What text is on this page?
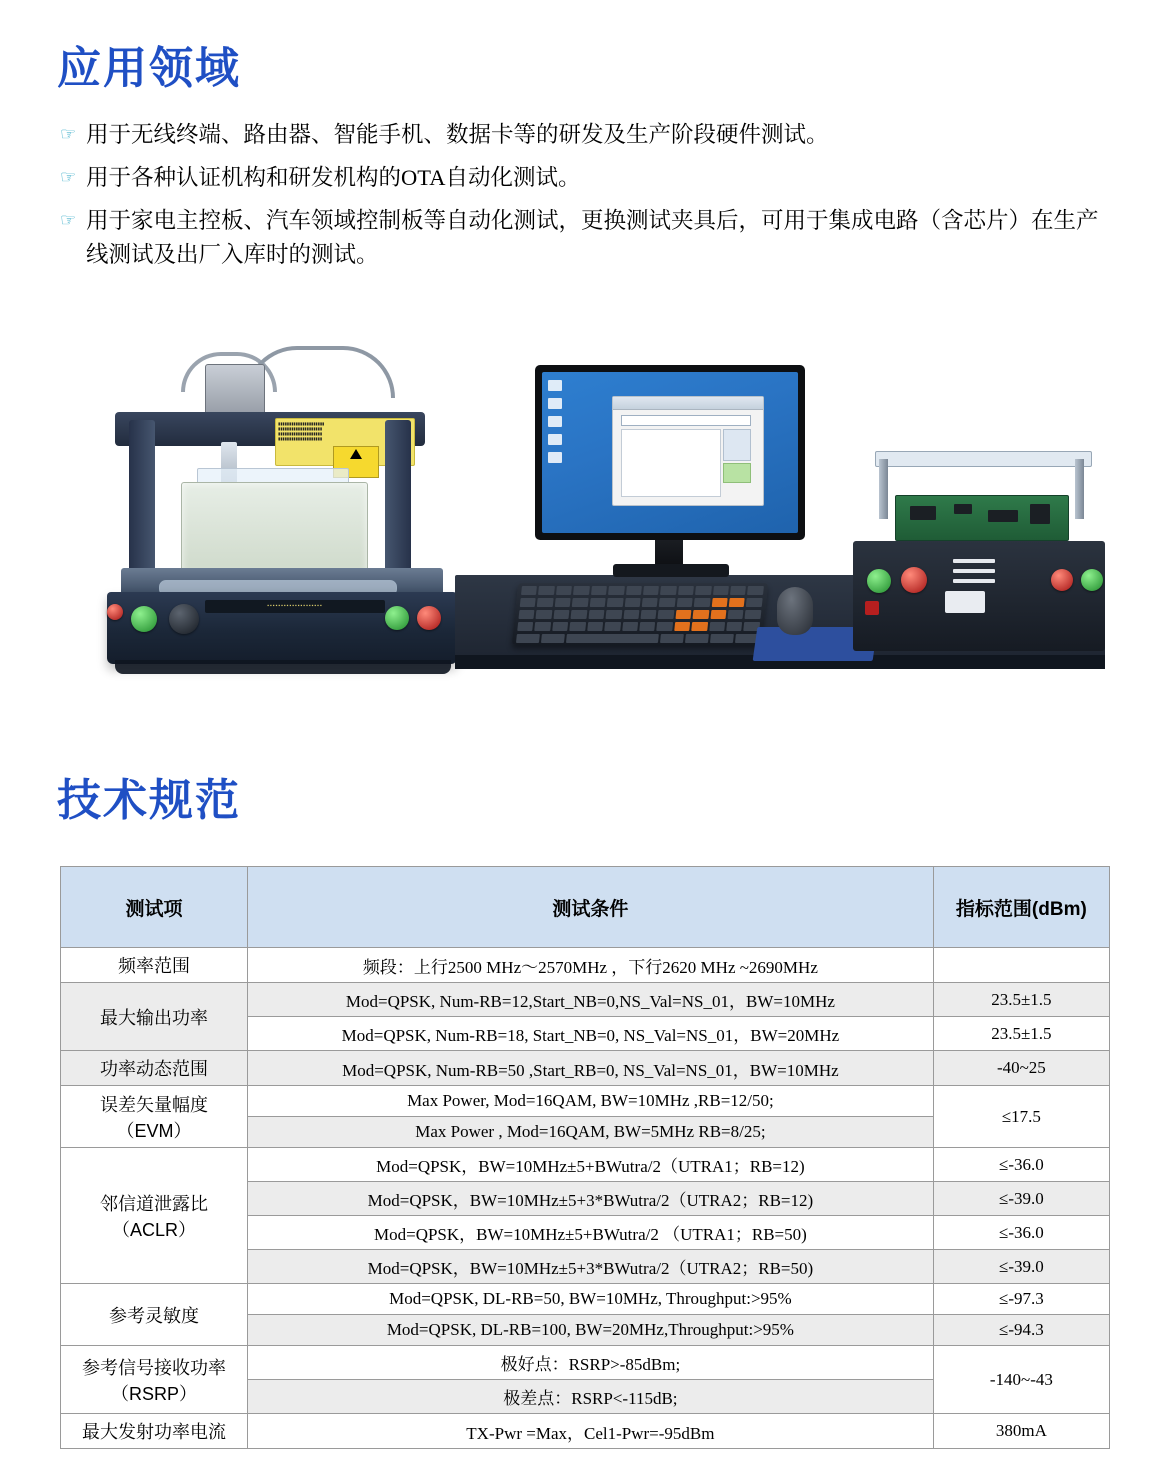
应用领域
☞ 用于无线终端、路由器、智能手机、数据卡等的研发及生产阶段硬件测试。
☞ 用于各种认证机构和研发机构的OTA自动化测试。
☞ 用于家电主控板、汽车领域控制板等自动化测试，更换测试夹具后，可用于集成电路（含芯片）在生产线测试及出厂入库时的测试。
▮▮▮▮▮▮▮▮▮▮▮▮▮▮▮▮▮▮▮▮▮
▮▮▮▮▮▮▮▮▮▮▮▮▮▮▮▮▮▮▮▮
▮▮▮▮▮▮▮▮▮▮▮▮▮▮▮▮▮▮▮▮
▮▮▮▮▮▮▮▮▮▮▮▮▮▮▮▮▮▮▮▮
▪▪▪▪▪▪▪▪▪▪▪▪▪▪▪▪▪▪▪▪
技术规范
测试项	测试条件	指标范围(dBm)
频率范围	频段：上行2500 MHz～2570MHz ，下行2620 MHz ~2690MHz	
最大输出功率	Mod=QPSK, Num-RB=12,Start_NB=0,NS_Val=NS_01，BW=10MHz	23.5±1.5
	Mod=QPSK, Num-RB=18, Start_NB=0, NS_Val=NS_01，BW=20MHz	23.5±1.5
功率动态范围	Mod=QPSK, Num-RB=50 ,Start_RB=0, NS_Val=NS_01，BW=10MHz	-40~25
误差矢量幅度
（EVM）	Max Power, Mod=16QAM, BW=10MHz ,RB=12/50;	≤17.5
	Max Power , Mod=16QAM, BW=5MHz RB=8/25;	
邻信道泄露比
（ACLR）	Mod=QPSK，BW=10MHz±5+BWutra/2（UTRA1；RB=12)	≤-36.0
	Mod=QPSK，BW=10MHz±5+3*BWutra/2（UTRA2；RB=12)	≤-39.0
	Mod=QPSK，BW=10MHz±5+BWutra/2 （UTRA1；RB=50)	≤-36.0
	Mod=QPSK，BW=10MHz±5+3*BWutra/2（UTRA2；RB=50)	≤-39.0
参考灵敏度	Mod=QPSK, DL-RB=50, BW=10MHz, Throughput:>95%	≤-97.3
	Mod=QPSK, DL-RB=100, BW=20MHz,Throughput:>95%	≤-94.3
参考信号接收功率
（RSRP）	极好点：RSRP>-85dBm;	-140~-43
	极差点：RSRP<-115dB;	
最大发射功率电流	TX-Pwr =Max，Cel1-Pwr=-95dBm	380mA
